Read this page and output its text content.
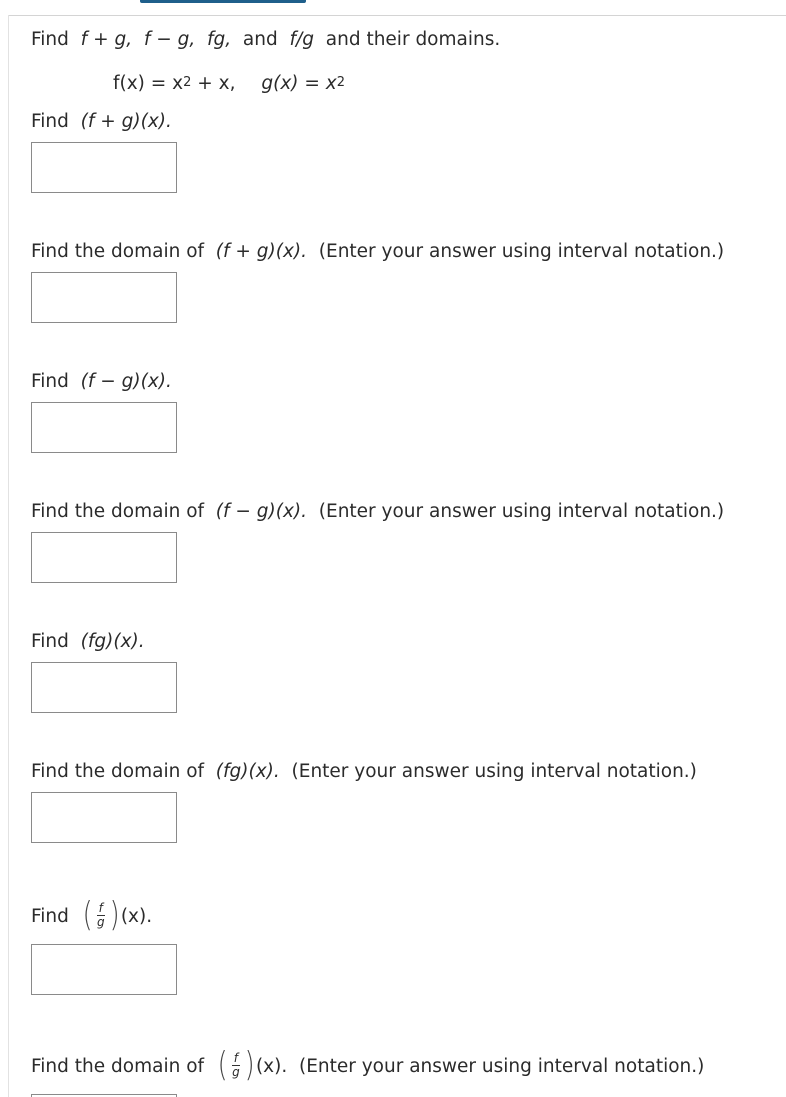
Find f + g, f − g, fg, and f/g and their domains.
$f(x) = x^2 + x$, $g(x) = x^2$
Find (f + g)(x).
Find the domain of (f + g)(x). (Enter your answer using interval notation.)
Find (f − g)(x).
Find the domain of (f − g)(x). (Enter your answer using interval notation.)
Find (fg)(x).
Find the domain of (fg)(x). (Enter your answer using interval notation.)
Find ( $\frac{f}{g}$ ) (x).
Find the domain of ( $\frac{f}{g}$ ) (x). (Enter your answer using interval notation.)
